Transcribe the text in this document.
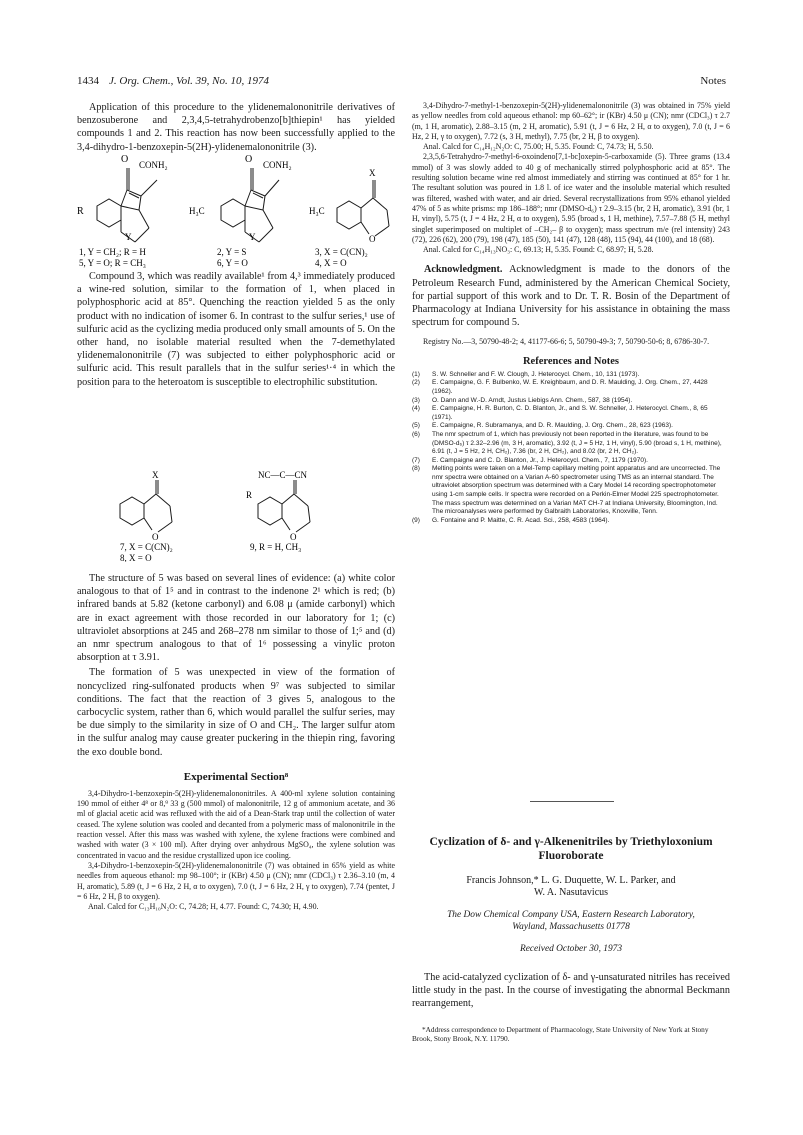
1434 J. Org. Chem., Vol. 39, No. 10, 1974	Notes

Application of this procedure to the ylidenemalononitrile derivatives of benzosuberone and 2,3,4,5-tetrahydrobenzo[b]thiepin¹ has yielded compounds 1 and 2. This reaction has now been successfully applied to the 3,4-dihydro-1-benzoxepin-5(2H)-ylidenemalononitrile (3).

O CONH₂
R
Y
O CONH₂
H₃C
Y
X
H₃C
O
1, Y = CH₂; R = H
5, Y = O; R = CH₃
2, Y = S
6, Y = O
3, X = C(CN)₂
4, X = O

Compound 3, which was readily available¹ from 4,³ immediately produced a wine-red solution, similar to the formation of 1, when placed in polyphosphoric acid at 85°. Quenching the reaction yielded 5 as the only product with no indication of isomer 6. In contrast to the sulfur series,¹ use of sulfuric acid as the cyclizing media produced only small amounts of 5. On the other hand, no isolable material resulted when the 7-demethylated ylidenemalononitrile (7) was subjected to either polyphosphoric acid or sulfuric acid. This result parallels that in the sulfur series¹·⁴ in which the position para to the heteroatom is susceptible to electrophilic substitution.

X
O
NC—C—CN
R
O
7, X = C(CN)₂
8, X = O
9, R = H, CH₃

The structure of 5 was based on several lines of evidence: (a) white color analogous to that of 1⁵ and in contrast to the indenone 2¹ which is red; (b) infrared bands at 5.82 (ketone carbonyl) and 6.08 μ (amide carbonyl) which are in exact agreement with those recorded in our laboratory for 1; (c) ultraviolet absorptions at 245 and 268–278 nm similar to those of 1;⁵ and (d) an nmr spectrum analogous to that of 1⁶ possessing a vinylic proton absorption at τ 3.91.

The formation of 5 was unexpected in view of the formation of noncyclized ring-sulfonated products when 9⁷ was subjected to similar conditions. The fact that the reaction of 3 gives 5, analogous to the carbocyclic system, rather than 6, which would parallel the sulfur series, may be due simply to the similarity in size of O and CH₂. The larger sulfur atom in the sulfur analog may cause greater puckering in the thiepin ring, favoring the exo double bond.

Experimental Section⁸

3,4-Dihydro-1-benzoxepin-5(2H)-ylidenemalononitriles. A 400-ml xylene solution containing 190 mmol of either 4⁸ or 8,⁹ 33 g (500 mmol) of malononitrile, 12 g of ammonium acetate, and 36 ml of glacial acetic acid was refluxed with the aid of a Dean-Stark trap until the collection of water ceased. The xylene solution was cooled and decanted from a polymeric mass of malononitrile in the reaction vessel. After this mass was washed with xylene, the xylene fractions were combined and washed with water (3 × 100 ml). After drying over anhydrous MgSO₄, the xylene solution was concentrated in vacuo and the residue crystallized upon ice cooling.

3,4-Dihydro-1-benzoxepin-5(2H)-ylidenemalononitrile (7) was obtained in 65% yield as white needles from aqueous ethanol: mp 98–100°; ir (KBr) 4.50 μ (CN); nmr (CDCl₃) τ 2.36–3.10 (m, 4 H, aromatic), 5.89 (t, J = 6 Hz, 2 H, α to oxygen), 7.0 (t, J = 6 Hz, 2 H, γ to oxygen), 7.74 (pentet, J = 6 Hz, 2 H, β to oxygen).

Anal. Calcd for C₁₃H₁₀N₂O: C, 74.28; H, 4.77. Found: C, 74.30; H, 4.90.

3,4-Dihydro-7-methyl-1-benzoxepin-5(2H)-ylidenemalononitrile (3) was obtained in 75% yield as yellow needles from cold aqueous ethanol: mp 60–62°; ir (KBr) 4.50 μ (CN); nmr (CDCl₃) τ 2.7 (m, 1 H, aromatic), 2.88–3.15 (m, 2 H, aromatic), 5.91 (t, J = 6 Hz, 2 H, α to oxygen), 7.0 (t, J = 6 Hz, 2 H, γ to oxygen), 7.72 (s, 3 H, methyl), 7.75 (br, 2 H, β to oxygen).

Anal. Calcd for C₁₄H₁₂N₂O: C, 75.00; H, 5.35. Found: C, 74.73; H, 5.50.

2,3,5,6-Tetrahydro-7-methyl-6-oxoindeno[7,1-bc]oxepin-5-carboxamide (5). Three grams (13.4 mmol) of 3 was slowly added to 40 g of mechanically stirred polyphosphoric acid at 85°. The resulting solution became wine red almost immediately and stirring was continued at 85° for 1 hr. The resultant solution was poured in 1.8 l. of ice water and the insoluble material which resulted was filtered, washed with water, and air dried. Several recrystallizations from 95% ethanol yielded 47% of 5 as white prisms: mp 186–188°; nmr (DMSO-d₆) τ 2.9–3.15 (br, 2 H, aromatic), 3.91 (br, 1 H, vinyl), 5.75 (t, J = 4 Hz, 2 H, α to oxygen), 5.95 (broad s, 1 H, methine), 7.57–7.88 (5 H, methyl singlet superimposed on multiplet of –CH₂– β to oxygen); mass spectrum m/e (rel intensity) 243 (72), 226 (62), 200 (79), 198 (47), 185 (50), 141 (47), 128 (48), 115 (94), 44 (100), and 18 (68).

Anal. Calcd for C₁₄H₁₃NO₃: C, 69.13; H, 5.35. Found: C, 68.97; H, 5.28.

Acknowledgment. Acknowledgment is made to the donors of the Petroleum Research Fund, administered by the American Chemical Society, for partial support of this work and to Dr. T. R. Bosin of the Department of Pharmacology at Indiana University for his assistance in obtaining the mass spectrum for compound 5.

Registry No.—3, 50790-48-2; 4, 41177-66-6; 5, 50790-49-3; 7, 50790-50-6; 8, 6786-30-7.

References and Notes

(1)	S. W. Schneller and F. W. Clough, J. Heterocycl. Chem., 10, 131 (1973).
(2)	E. Campaigne, G. F. Bulbenko, W. E. Kreighbaum, and D. R. Maulding, J. Org. Chem., 27, 4428 (1962).
(3)	O. Dann and W.-D. Arndt, Justus Liebigs Ann. Chem., 587, 38 (1954).
(4)	E. Campaigne, H. R. Burton, C. D. Blanton, Jr., and S. W. Schneller, J. Heterocycl. Chem., 8, 65 (1971).
(5)	E. Campaigne, R. Subramanya, and D. R. Maulding, J. Org. Chem., 28, 623 (1963).
(6)	The nmr spectrum of 1, which has previously not been reported in the literature, was found to be (DMSO-d₆) τ 2.32–2.96 (m, 3 H, aromatic), 3.92 (t, J = 5 Hz, 1 H, vinyl), 5.90 (broad s, 1 H, methine), 6.91 (t, J = 5 Hz, 2 H, CH₂), 7.36 (br, 2 H, CH₂), and 8.02 (br, 2 H, CH₂).
(7)	E. Campaigne and C. D. Blanton, Jr., J. Heterocycl. Chem., 7, 1179 (1970).
(8)	Melting points were taken on a Mel-Temp capillary melting point apparatus and are uncorrected. The nmr spectra were obtained on a Varian A-60 spectrometer using TMS as an internal standard. The ultraviolet absorption spectrum was determined with a Cary Model 14 recording spectrophotometer using 1-cm sample cells. Ir spectra were recorded on a Perkin-Elmer Model 225 spectrophotometer. The mass spectrum was determined on a Varian MAT CH-7 at Indiana University, Bloomington, Ind. The microanalyses were performed by Galbraith Laboratories, Knoxville, Tenn.
(9)	G. Fontaine and P. Maitte, C. R. Acad. Sci., 258, 4583 (1964).

Cyclization of δ- and γ-Alkenenitriles by Triethyloxonium Fluoroborate

Francis Johnson,* L. G. Duquette, W. L. Parker, and

W. A. Nasutavicus

The Dow Chemical Company USA, Eastern Research Laboratory,

Wayland, Massachusetts 01778

Received October 30, 1973

The acid-catalyzed cyclization of δ- and γ-unsaturated nitriles has received little study in the past. In the course of investigating the abnormal Beckmann rearrangement,

*Address correspondence to Department of Pharmacology, State University of New York at Stony Brook, Stony Brook, N.Y. 11790.
